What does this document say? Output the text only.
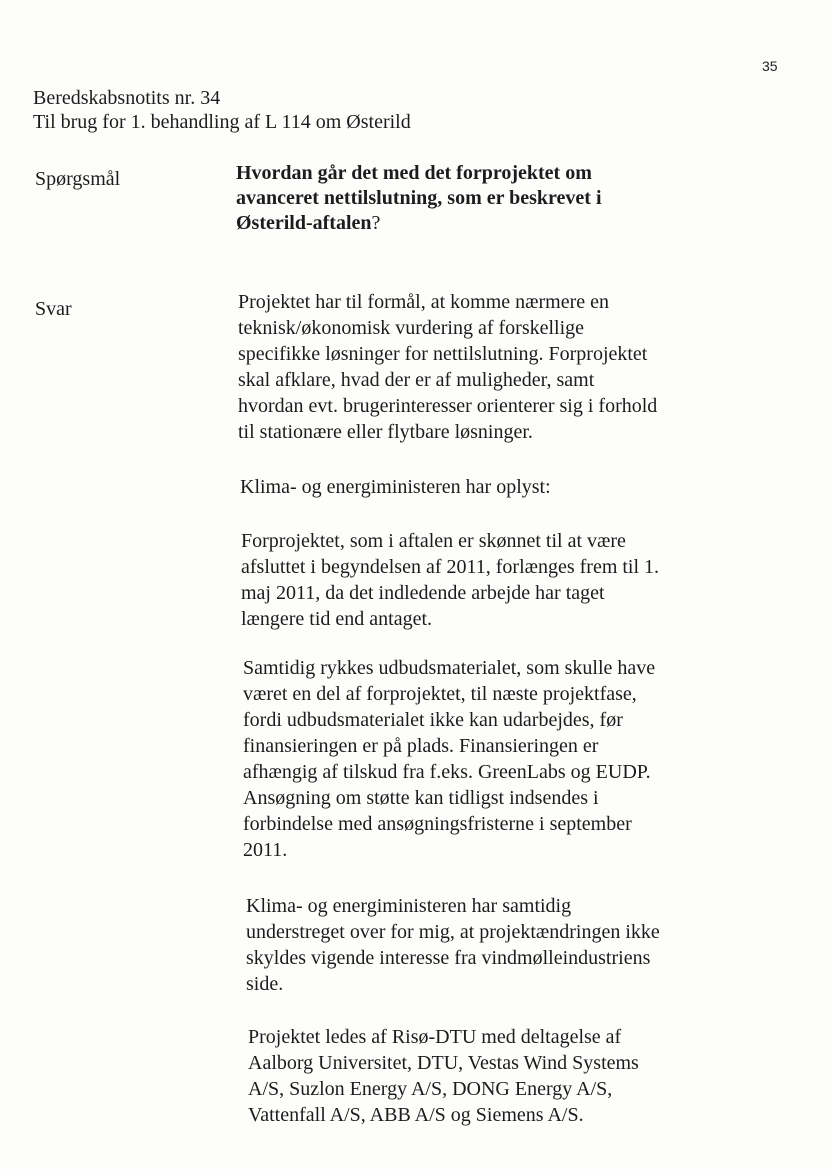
35
Beredskabsnotits nr. 34
Til brug for 1. behandling af L 114 om Østerild
Spørgsmål	Hvordan går det med det forprojektet om
avanceret nettilslutning, som er beskrevet i
Østerild-aftalen?
Svar	Projektet har til formål, at komme nærmere en
teknisk/økonomisk vurdering af forskellige
specifikke løsninger for nettilslutning. Forprojektet
skal afklare, hvad der er af muligheder, samt
hvordan evt. brugerinteresser orienterer sig i forhold
til stationære eller flytbare løsninger.
Klima- og energiministeren har oplyst:
Forprojektet, som i aftalen er skønnet til at være
afsluttet i begyndelsen af 2011, forlænges frem til 1.
maj 2011, da det indledende arbejde har taget
længere tid end antaget.
Samtidig rykkes udbudsmaterialet, som skulle have
været en del af forprojektet, til næste projektfase,
fordi udbudsmaterialet ikke kan udarbejdes, før
finansieringen er på plads. Finansieringen er
afhængig af tilskud fra f.eks. GreenLabs og EUDP.
Ansøgning om støtte kan tidligst indsendes i
forbindelse med ansøgningsfristerne i september
2011.
Klima- og energiministeren har samtidig
understreget over for mig, at projektændringen ikke
skyldes vigende interesse fra vindmølleindustriens
side.
Projektet ledes af Risø-DTU med deltagelse af
Aalborg Universitet, DTU, Vestas Wind Systems
A/S, Suzlon Energy A/S, DONG Energy A/S,
Vattenfall A/S, ABB A/S og Siemens A/S.
